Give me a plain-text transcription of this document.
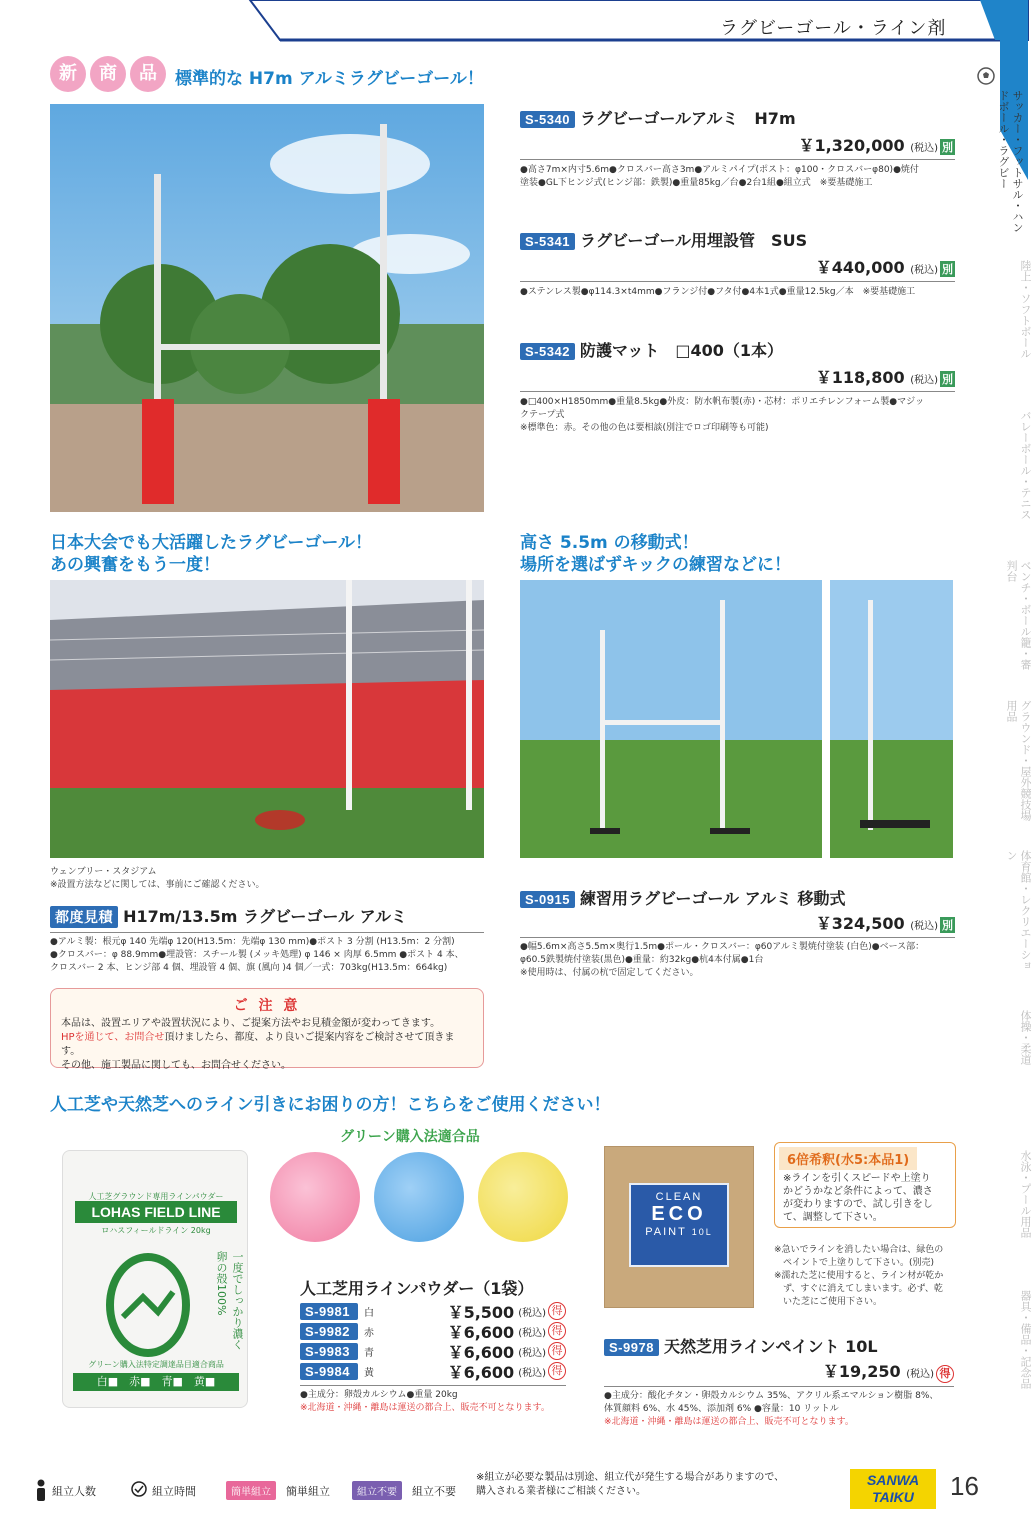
ラグビーゴール・ライン剤
サッカー・フットサル・ハンドボール・ラグビー
陸上・ソフトボール
バレーボール・テニス
ベンチ・ボール籠・審判台
グラウンド・屋外競技場用品
体育館・レクリエーション
体操・柔道
水泳・プール用品
器具・備品・記念品
新	商	品	標準的な H7m アルミラグビーゴール！
S-5340 ラグビーゴールアルミ　H7m
￥1,320,000 (税込) 別
●高さ7m×内寸5.6m●クロスバー高さ3m●アルミパイプ(ポスト：φ100・クロスバーφ80)●焼付
塗装●GL下ヒンジ式(ヒンジ部：鉄製)●重量85kg／台●2台1組●組立式　※要基礎施工
S-5341 ラグビーゴール用埋設管　SUS
￥440,000 (税込) 別
●ステンレス製●φ114.3×t4mm●フランジ付●フタ付●4本1式●重量12.5kg／本　※要基礎施工
S-5342 防護マット　□400（1本）
￥118,800 (税込) 別
●□400×H1850mm●重量8.5kg●外皮：防水帆布製(赤)・芯材：ポリエチレンフォーム製●マジッ
クテープ式
※標準色：赤。その他の色は要相談(別注でロゴ印刷等も可能)
日本大会でも大活躍したラグビーゴール！
あの興奮をもう一度！
ウェンブリー・スタジアム
※設置方法などに関しては、事前にご確認ください。
都度見積 H17m/13.5m ラグビーゴール アルミ
●アルミ製：根元φ 140 先端φ 120(H13.5m：先端φ 130 mm)●ポスト 3 分割 (H13.5m：2 分割)
●クロスバー：φ 88.9mm●埋設管：スチール製 (メッキ処理) φ 146 × 肉厚 6.5mm ●ポスト 4 本、
クロスバー 2 本、ヒンジ部 4 個、埋設管 4 個、旗 (風向 )4 個／一式：703kg(H13.5m：664kg)
ご 注 意

本品は、設置エリアや設置状況により、ご提案方法やお見積金額が変わってきます。

HPを通じて、お問合せ頂けましたら、都度、より良いご提案内容をご検討させて頂きます。

その他、施工製品に関しても、お問合せください。

高さ 5.5m の移動式！
場所を選ばずキックの練習などに！
S-0915 練習用ラグビーゴール アルミ 移動式
￥324,500 (税込) 別
●幅5.6m×高さ5.5m×奥行1.5m●ポール・クロスバー：φ60アルミ製焼付塗装 (白色)●ベース部：
φ60.5鉄製焼付塗装(黒色)●重量：約32kg●杭4本付属●1台
※使用時は、付属の杭で固定してください。
人工芝や天然芝へのライン引きにお困りの方！こちらをご使用ください！
グリーン購入法適合品
人工芝グラウンド専用ラインパウダー
LOHAS FIELD LINE
ロハスフィールドライン 20kg
一度でしっかり濃く 卵の殻100%
グリーン購入法特定調達品目適合商品
白■　赤■　青■　黄■
人工芝用ラインパウダー（1袋）
S-9981	白	￥5,500 (税込) 得
S-9982	赤	￥6,600 (税込) 得
S-9983	青	￥6,600 (税込) 得
S-9984	黄	￥6,600 (税込) 得
●主成分：卵殻カルシウム●重量 20kg
※北海道・沖縄・離島は運送の都合上、販売不可となります。
CLEAN
ECO
PAINT 10L
6倍希釈(水5:本品1)
※ラインを引くスピードや上塗り
かどうかなど条件によって、濃さ
が変わりますので、試し引きをし
て、調整して下さい。
※急いでラインを消したい場合は、緑色の
　ペイントで上塗りして下さい。(別売)
※濡れた芝に使用すると、ライン材が乾か
　ず、すぐに消えてしまいます。必ず、乾
　いた芝にご使用下さい。
S-9978 天然芝用ラインペイント 10L
￥19,250 (税込) 得
●主成分：酸化チタン・卵殻カルシウム 35%、アクリル系エマルション樹脂 8%、
体質顔料 6%、水 45%、添加剤 6% ●容量：10 リットル
※北海道・沖縄・離島は運送の都合上、販売不可となります。
組立人数	組立時間	簡単組立	簡単組立	組立不要	組立不要
※組立が必要な製品は別途、組立代が発生する場合がありますので、
購入される業者様にご相談ください。
SANWA
TAIKU	16
